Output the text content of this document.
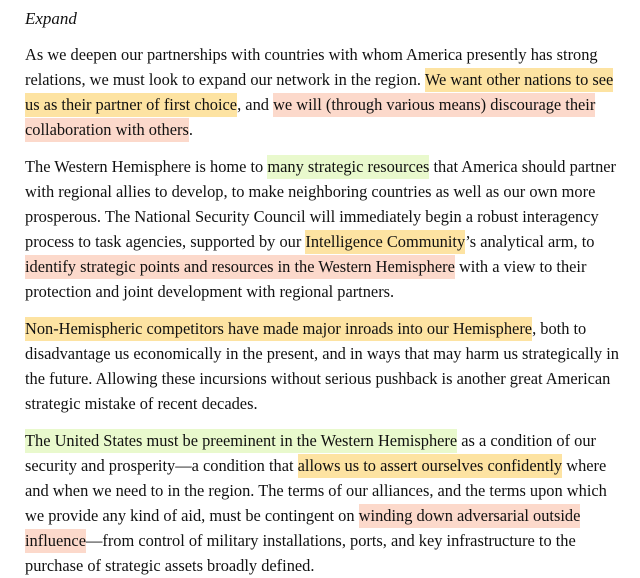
Expand

As we deepen our partnerships with countries with whom America presently has strong relations, we must look to expand our network in the region. We want other nations to see us as their partner of first choice, and we will (through various means) discourage their collaboration with others.

The Western Hemisphere is home to many strategic resources that America should partner with regional allies to develop, to make neighboring countries as well as our own more prosperous. The National Security Council will immediately begin a robust interagency process to task agencies, supported by our Intelligence Community’s analytical arm, to identify strategic points and resources in the Western Hemisphere with a view to their protection and joint development with regional partners.

Non-Hemispheric competitors have made major inroads into our Hemisphere, both to disadvantage us economically in the present, and in ways that may harm us strategically in the future. Allowing these incursions without serious pushback is another great American strategic mistake of recent decades.

The United States must be preeminent in the Western Hemisphere as a condition of our security and prosperity—a condition that allows us to assert ourselves confidently where and when we need to in the region. The terms of our alliances, and the terms upon which we provide any kind of aid, must be contingent on winding down adversarial outside influence—from control of military installations, ports, and key infrastructure to the purchase of strategic assets broadly defined.
